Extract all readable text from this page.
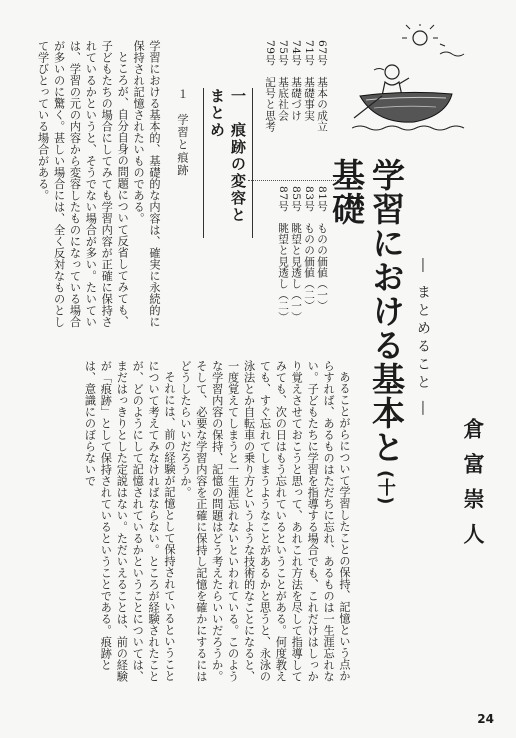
学習における基本と基礎
(十)
― まとめること ―
倉富崇人
67号　基本の成立
71号　基礎事実
74号　基礎づけ
75号　基底社会
79号　記号と思考
81号　ものの価値（一）
83号　ものの価値（二）
85号　眺望と見透し（一）
87号　眺望と見透し（二）
一　痕跡の変容とまとめ
１　学習と痕跡

学習における基本的、基礎的な内容は、確実に永続的に保持され記憶されたいものである。

ところが、自分自身の問題について反省してみても、子どもたちの場合にしてみても学習内容が正確に保持されているかというと、そうでない場合が多い。たいていは、学習の元の内容から変容したものになっている場合が多いのに驚く。甚しい場合には、全く反対なものとして学びとっている場合がある。

あることがらについて学習したことの保持、記憶という点からすれば、あるものはただちに忘れ、あるものは一生涯忘れない。子どもたちに学習を指導する場合でも、これだけはしっかり覚えさせておこうと思って、あれこれ方法を尽して指導してみても、次の日はもう忘れているということがある。何度教えても、すぐ忘れてしまうようなことがあるかと思うと、永泳の泳法とか自転車の乗り方というような技術的なことになると、一度覚えてしまうと一生涯忘れないといわれている。このような学習内容の保持、記憶の問題はどう考えたらいいだろうか。そして、必要な学習内容を正確に保持し記憶を確かにするにはどうしたらいいだろうか。

それには、前の経験が記憶として保持されているということについて考えてみなければならない。ところが経験されたことが、どのようにして記憶されているかということについては、まだはっきりとした定説はない。ただいえることは、前の経験が「痕跡」として保持されているということである。痕跡とは、意識にのぼらないで

24
